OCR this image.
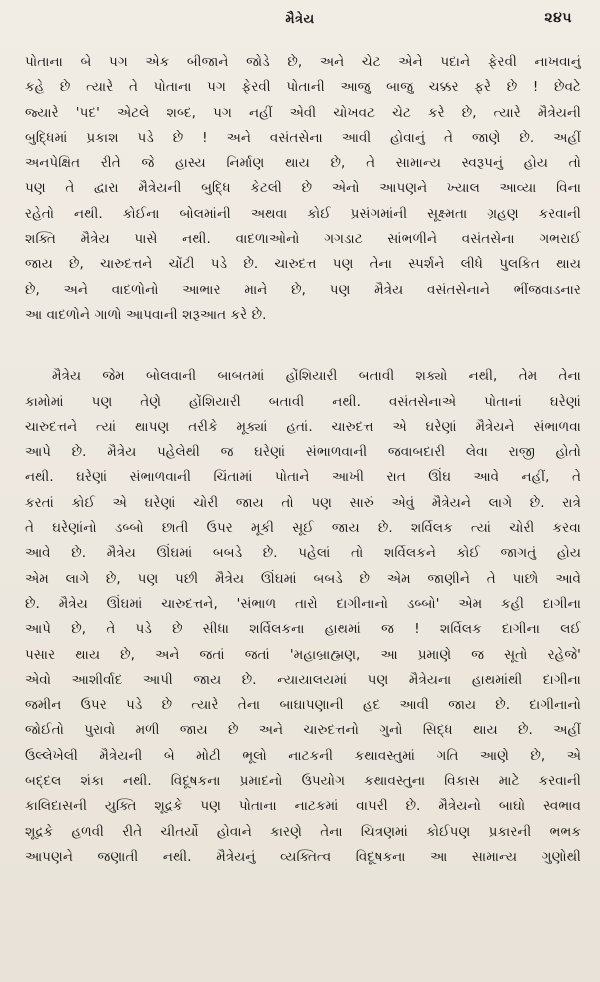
મૈત્રેય	૨૪૫
પોતાના બે પગ એક બીજાને જોડે છે, અને ચેટ એને પદાને ફેરવી નાખવાનું
કહે છે ત્યારે તે પોતાના પગ ફેરવી પોતાની આજુ બાજુ ચક્કર ફરે છે ! છેવટે
જ્યારે 'પદ' એટલે શબ્દ, પગ નહીં એવી ચોખવટ ચેટ કરે છે, ત્યારે મૈત્રેયની
બુદ્ધિમાં પ્રકાશ પડે છે ! અને વસંતસેના આવી હોવાનું તે જાણે છે. અહીં
અનપેક્ષિત રીતે જે હાસ્ય નિર્માણ થાય છે, તે સામાન્ય સ્વરૂપનું હોય તો
પણ તે દ્વારા મૈત્રેયની બુદ્ધિ કેટલી છે એનો આપણને ખ્યાલ આવ્યા વિના
રહેતો નથી. કોઈના બોલમાંની અથવા કોઈ પ્રસંગમાંની સૂક્ષ્મતા ગ્રહણ કરવાની
શક્તિ મૈત્રેય પાસે નથી. વાદળાઓનો ગગડાટ સાંભળીને વસંતસેના ગભરાઈ
જાય છે, ચારુદત્તને ચોંટી પડે છે. ચારુદત્ત પણ તેના સ્પર્શને લીધે પુલકિત થાય
છે, અને વાદળોનો આભાર માને છે, પણ મૈત્રેય વસંતસેનાને ભીંજવાડનાર
આ વાદળોને ગાળો આપવાની શરૂઆત કરે છે.
મૈત્રેય જેમ બોલવાની બાબતમાં હોંશિયારી બતાવી શક્યો નથી, તેમ તેના
કામોમાં પણ તેણે હોંશિયારી બતાવી નથી. વસંતસેનાએ પોતાનાં ઘરેણાં
ચારુદત્તને ત્યાં થાપણ તરીકે મૂક્યાં હતાં. ચારુદત્ત એ ઘરેણાં મૈત્રેયને સંભાળવા
આપે છે. મૈત્રેય પહેલેથી જ ઘરેણાં સંભાળવાની જવાબદારી લેવા રાજી હોતો
નથી. ઘરેણાં સંભાળવાની ચિંતામાં પોતાને આખી રાત ઊંઘ આવે નહીં, તે
કરતાં કોઈ એ ઘરેણાં ચોરી જાય તો પણ સારું એવું મૈત્રેયને લાગે છે. રાત્રે
તે ઘરેણાંનો ડબ્બો છાતી ઉપર મૂકી સૂઈ જાય છે. શર્વિલક ત્યાં ચોરી કરવા
આવે છે. મૈત્રેય ઊંઘમાં બબડે છે. પહેલાં તો શર્વિલકને કોઈ જાગતું હોય
એમ લાગે છે, પણ પછી મૈત્રેય ઊંઘમાં બબડે છે એમ જાણીને તે પાછો આવે
છે. મૈત્રેય ઊંઘમાં ચારુદત્તને, 'સંભાળ તારો દાગીનાનો ડબ્બો' એમ કહી દાગીના
આપે છે, તે પડે છે સીધા શર્વિલકના હાથમાં જ ! શર્વિલક દાગીના લઈ
પસાર થાય છે, અને જતાં જતાં 'મહાબ્રાહ્મણ, આ પ્રમાણે જ સૂતો રહેજે'
એવો આશીર્વાદ આપી જાય છે. ન્યાયાલયમાં પણ મૈત્રેયના હાથમાંથી દાગીના
જમીન ઉપર પડે છે ત્યારે તેના બાઘાપણાની હદ આવી જાય છે. દાગીનાનો
જોઈતો પુરાવો મળી જાય છે અને ચારુદત્તનો ગુનો સિદ્ધ થાય છે. અહીં
ઉલ્લેખેલી મૈત્રેયની બે મોટી ભૂલો નાટકની કથાવસ્તુમાં ગતિ આણે છે, એ
બદ્દલ શંકા નથી. વિદૂષકના પ્રમાદનો ઉપયોગ કથાવસ્તુના વિકાસ માટે કરવાની
કાલિદાસની યુક્તિ શૂદ્રકે પણ પોતાના નાટકમાં વાપરી છે. મૈત્રેયનો બાઘો સ્વભાવ
શૂદ્રકે હળવી રીતે ચીતર્યો હોવાને કારણે તેના ચિત્રણમાં કોઈપણ પ્રકારની ભભક
આપણને જણાતી નથી. મૈત્રેયનું વ્યક્તિત્વ વિદૂષકના આ સામાન્ય ગુણોથી
